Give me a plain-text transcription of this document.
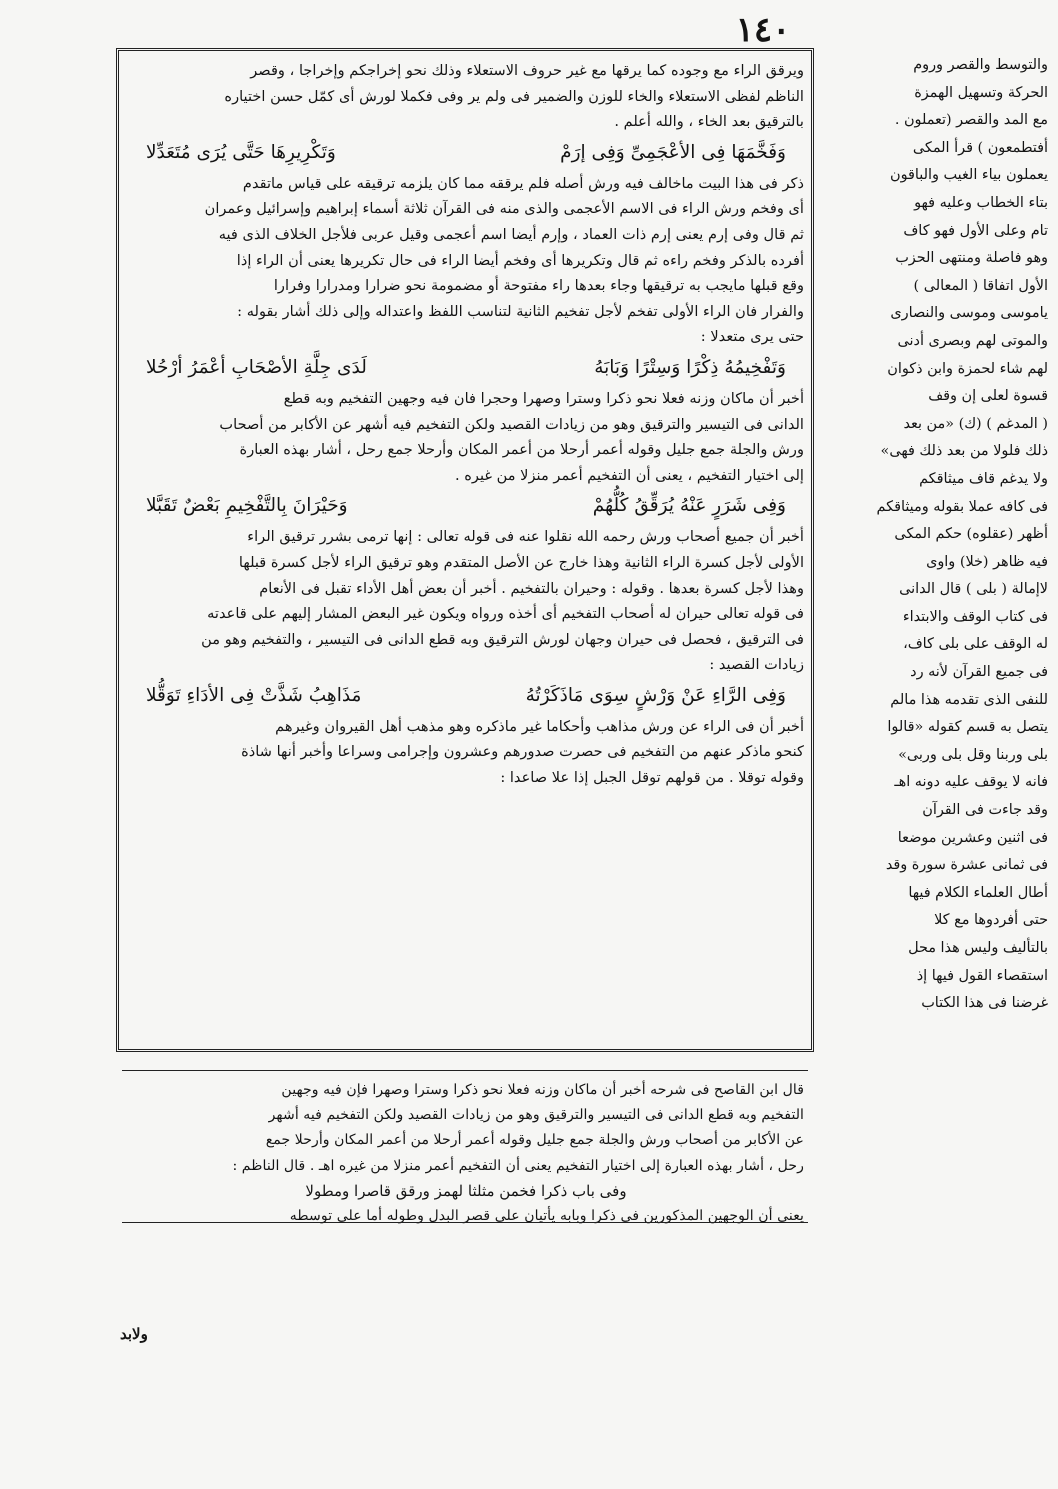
١٤٠

ويرقق الراء مع وجوده كما يرقها مع غير حروف الاستعلاء وذلك نحو إخراجكم وإخراجا ، وقصر

الناظم لفظى الاستعلاء والخاء للوزن والضمير فى ولم ير وفى فكملا لورش أى كمّل حسن اختياره

بالترقيق بعد الخاء ، والله أعلم .

وَفَخَّمَهَا فِى الأعْجَمِىِّ وَفِى إرَمْ
وَتَكْرِيرِهَا حَتَّى يُرَى مُتَعَدِّلا

ذكر فى هذا البيت ماخالف فيه ورش أصله فلم يرققه مما كان يلزمه ترقيقه على قياس ماتقدم

أى وفخم ورش الراء فى الاسم الأعجمى والذى منه فى القرآن ثلاثة أسماء إبراهيم وإسرائيل وعمران

ثم قال وفى إرم يعنى إرم ذات العماد ، وإرم أيضا اسم أعجمى وقيل عربى فلأجل الخلاف الذى فيه

أفرده بالذكر وفخم راءه ثم قال وتكريرها أى وفخم أيضا الراء فى حال تكريرها يعنى أن الراء إذا

وقع قبلها مايجب به ترقيقها وجاء بعدها راء مفتوحة أو مضمومة نحو ضرارا ومدرارا وفرارا

والفرار فان الراء الأولى تفخم لأجل تفخيم الثانية لتناسب اللفظ واعتداله وإلى ذلك أشار بقوله :

حتى يرى متعدلا :

وَتَفْخِيمُهُ ذِكْرًا وَسِتْرًا وَبَابَهُ
لَدَى جِلَّةِ الأصْحَابِ أعْمَرُ أرْحُلا

أخبر أن ماكان وزنه فعلا نحو ذكرا وسترا وصهرا وحجرا فان فيه وجهين التفخيم وبه قطع

الدانى فى التيسير والترقيق وهو من زيادات القصيد ولكن التفخيم فيه أشهر عن الأكابر من أصحاب

ورش والجلة جمع جليل وقوله أعمر أرحلا من أعمر المكان وأرحلا جمع رحل ، أشار بهذه العبارة

إلى اختيار التفخيم ، يعنى أن التفخيم أعمر منزلا من غيره .

وَفِى شَرَرٍ عَنْهُ يُرَقِّقُ كُلُّهُمْ
وَحَيْرَانَ بِالتَّفْخِيمِ بَعْضٌ تَقَبَّلا

أخبر أن جميع أصحاب ورش رحمه الله نقلوا عنه فى قوله تعالى : إنها ترمى بشرر ترقيق الراء

الأولى لأجل كسرة الراء الثانية وهذا خارج عن الأصل المتقدم وهو ترقيق الراء لأجل كسرة قبلها

وهذا لأجل كسرة بعدها . وقوله : وحيران بالتفخيم . أخبر أن بعض أهل الأداء تقبل فى الأنعام

فى قوله تعالى حيران له أصحاب التفخيم أى أخذه ورواه ويكون غير البعض المشار إليهم على قاعدته

فى الترقيق ، فحصل فى حيران وجهان لورش الترقيق وبه قطع الدانى فى التيسير ، والتفخيم وهو من

زيادات القصيد :

وَفِى الرَّاءِ عَنْ وَرْشٍ سِوَى مَاذَكَرْتُهُ
مَذَاهِبُ شَذَّتْ فِى الأدَاءِ تَوَقُّلا

أخبر أن فى الراء عن ورش مذاهب وأحكاما غير ماذكره وهو مذهب أهل القيروان وغيرهم

كنحو ماذكر عنهم من التفخيم فى حصرت صدورهم وعشرون وإجرامى وسراعا وأخبر أنها شاذة

وقوله توقلا . من قولهم توقل الجبل إذا علا صاعدا :

قال ابن القاصح فى شرحه أخبر أن ماكان وزنه فعلا نحو ذكرا وسترا وصهرا فإن فيه وجهين

التفخيم وبه قطع الدانى فى التيسير والترقيق وهو من زيادات القصيد ولكن التفخيم فيه أشهر

عن الأكابر من أصحاب ورش والجلة جمع جليل وقوله أعمر أرحلا من أعمر المكان وأرحلا جمع

رحل ، أشار بهذه العبارة إلى اختيار التفخيم يعنى أن التفخيم أعمر منزلا من غيره اهـ . قال الناظم :

وفى باب ذكرا فخمن مثلثا لهمز ورقق قاصرا ومطولا

يعنى أن الوجهين المذكورين فى ذكرا وبابه يأتيان على قصر البدل وطوله أما على توسطه

والتوسط والقصر وروم

الحركة وتسهيل الهمزة

مع المد والقصر (تعملون .

أفتطمعون ) قرأ المكى

يعملون بياء الغيب والباقون

بتاء الخطاب وعليه فهو

تام وعلى الأول فهو كاف

وهو فاصلة ومنتهى الحزب

الأول اتفاقا ( المعالى )

ياموسى وموسى والنصارى

والموتى لهم وبصرى أدنى

لهم شاء لحمزة وابن ذكوان

قسوة لعلى إن وقف

( المدغم ) (ك) «من بعد

ذلك فلولا من بعد ذلك فهى»

ولا يدغم قاف ميثاقكم

فى كافه عملا بقوله وميثاقكم

أظهر (عقلوه) حكم المكى

فيه ظاهر (خلا) واوى

لاإمالة ( بلى ) قال الدانى

فى كتاب الوقف والابتداء

له الوقف على بلى كاف،

فى جميع القرآن لأنه رد

للنفى الذى تقدمه هذا مالم

يتصل به قسم كقوله «قالوا

بلى وربنا وقل بلى وربى»

فانه لا يوقف عليه دونه اهـ

وقد جاءت فى القرآن

فى اثنين وعشرين موضعا

فى ثمانى عشرة سورة وقد

أطال العلماء الكلام فيها

حتى أفردوها مع كلا

بالتأليف وليس هذا محل

استقصاء القول فيها إذ

غرضنا فى هذا الكتاب

ولابد
